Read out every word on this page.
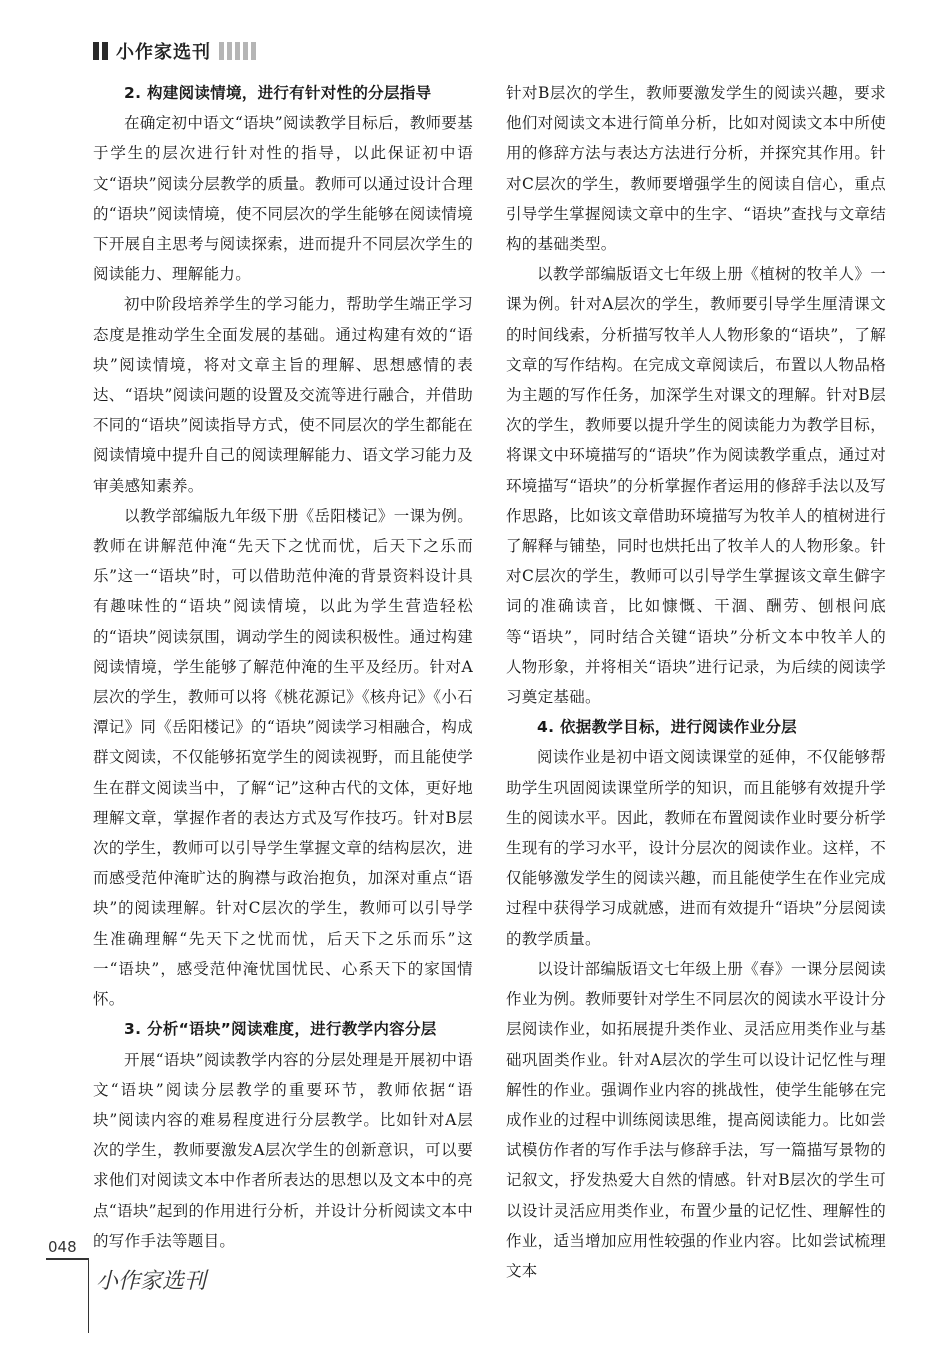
小作家选刊
2. 构建阅读情境，进行有针对性的分层指导

在确定初中语文“语块”阅读教学目标后，教师要基于学生的层次进行针对性的指导，以此保证初中语文“语块”阅读分层教学的质量。教师可以通过设计合理的“语块”阅读情境，使不同层次的学生能够在阅读情境下开展自主思考与阅读探索，进而提升不同层次学生的阅读能力、理解能力。

初中阶段培养学生的学习能力，帮助学生端正学习态度是推动学生全面发展的基础。通过构建有效的“语块”阅读情境，将对文章主旨的理解、思想感情的表达、“语块”阅读问题的设置及交流等进行融合，并借助不同的“语块”阅读指导方式，使不同层次的学生都能在阅读情境中提升自己的阅读理解能力、语文学习能力及审美感知素养。

以教学部编版九年级下册《岳阳楼记》一课为例。教师在讲解范仲淹“先天下之忧而忧，后天下之乐而乐”这一“语块”时，可以借助范仲淹的背景资料设计具有趣味性的“语块”阅读情境，以此为学生营造轻松的“语块”阅读氛围，调动学生的阅读积极性。通过构建阅读情境，学生能够了解范仲淹的生平及经历。针对A层次的学生，教师可以将《桃花源记》《核舟记》《小石潭记》同《岳阳楼记》的“语块”阅读学习相融合，构成群文阅读，不仅能够拓宽学生的阅读视野，而且能使学生在群文阅读当中，了解“记”这种古代的文体，更好地理解文章，掌握作者的表达方式及写作技巧。针对B层次的学生，教师可以引导学生掌握文章的结构层次，进而感受范仲淹旷达的胸襟与政治抱负，加深对重点“语块”的阅读理解。针对C层次的学生，教师可以引导学生准确理解“先天下之忧而忧，后天下之乐而乐”这一“语块”，感受范仲淹忧国忧民、心系天下的家国情怀。

3. 分析“语块”阅读难度，进行教学内容分层

开展“语块”阅读教学内容的分层处理是开展初中语文“语块”阅读分层教学的重要环节，教师依据“语块”阅读内容的难易程度进行分层教学。比如针对A层次的学生，教师要激发A层次学生的创新意识，可以要求他们对阅读文本中作者所表达的思想以及文本中的亮点“语块”起到的作用进行分析，并设计分析阅读文本中的写作手法等题目。

针对B层次的学生，教师要激发学生的阅读兴趣，要求他们对阅读文本进行简单分析，比如对阅读文本中所使用的修辞方法与表达方法进行分析，并探究其作用。针对C层次的学生，教师要增强学生的阅读自信心，重点引导学生掌握阅读文章中的生字、“语块”查找与文章结构的基础类型。

以教学部编版语文七年级上册《植树的牧羊人》一课为例。针对A层次的学生，教师要引导学生厘清课文的时间线索，分析描写牧羊人人物形象的“语块”，了解文章的写作结构。在完成文章阅读后，布置以人物品格为主题的写作任务，加深学生对课文的理解。针对B层次的学生，教师要以提升学生的阅读能力为教学目标，将课文中环境描写的“语块”作为阅读教学重点，通过对环境描写“语块”的分析掌握作者运用的修辞手法以及写作思路，比如该文章借助环境描写为牧羊人的植树进行了解释与铺垫，同时也烘托出了牧羊人的人物形象。针对C层次的学生，教师可以引导学生掌握该文章生僻字词的准确读音，比如慷慨、干涸、酬劳、刨根问底等“语块”，同时结合关键“语块”分析文本中牧羊人的人物形象，并将相关“语块”进行记录，为后续的阅读学习奠定基础。

4. 依据教学目标，进行阅读作业分层

阅读作业是初中语文阅读课堂的延伸，不仅能够帮助学生巩固阅读课堂所学的知识，而且能够有效提升学生的阅读水平。因此，教师在布置阅读作业时要分析学生现有的学习水平，设计分层次的阅读作业。这样，不仅能够激发学生的阅读兴趣，而且能使学生在作业完成过程中获得学习成就感，进而有效提升“语块”分层阅读的教学质量。

以设计部编版语文七年级上册《春》一课分层阅读作业为例。教师要针对学生不同层次的阅读水平设计分层阅读作业，如拓展提升类作业、灵活应用类作业与基础巩固类作业。针对A层次的学生可以设计记忆性与理解性的作业。强调作业内容的挑战性，使学生能够在完成作业的过程中训练阅读思维，提高阅读能力。比如尝试模仿作者的写作手法与修辞手法，写一篇描写景物的记叙文，抒发热爱大自然的情感。针对B层次的学生可以设计灵活应用类作业，布置少量的记忆性、理解性的作业，适当增加应用性较强的作业内容。比如尝试梳理文本

048
小作家选刊
